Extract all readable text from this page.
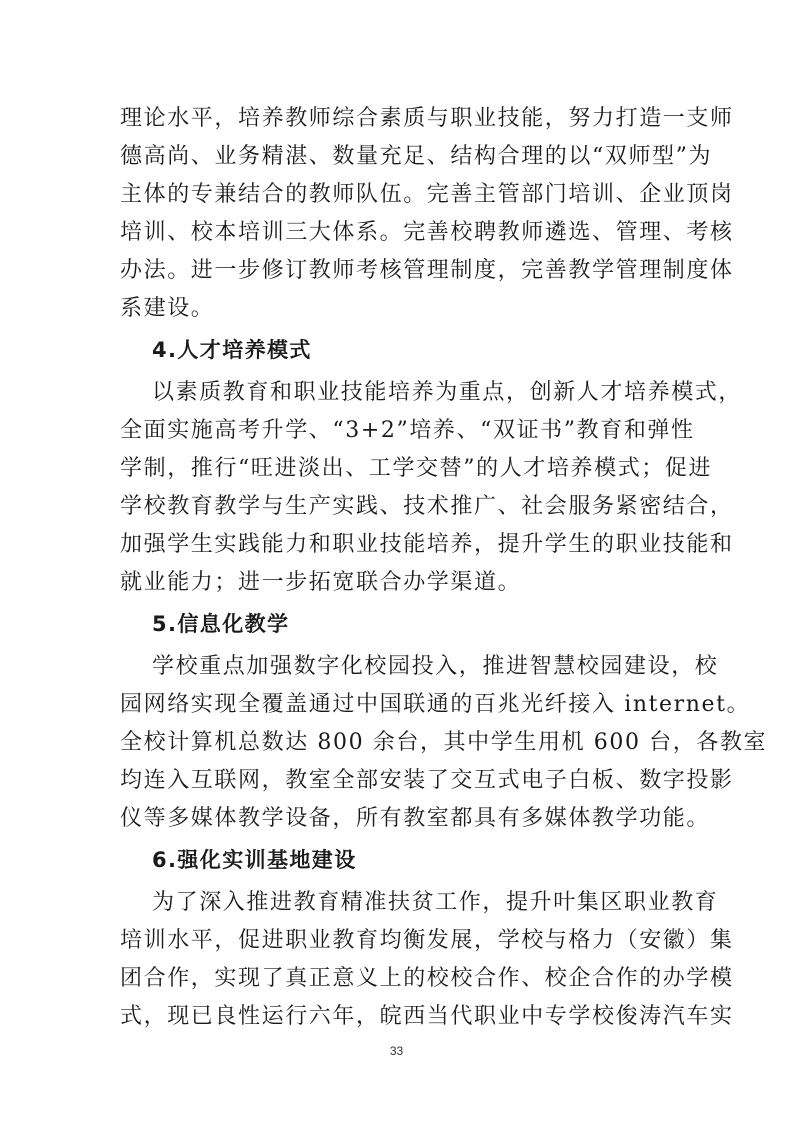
理论水平，培养教师综合素质与职业技能，努力打造一支师
德高尚、业务精湛、数量充足、结构合理的以“双师型”为
主体的专兼结合的教师队伍。完善主管部门培训、企业顶岗
培训、校本培训三大体系。完善校聘教师遴选、管理、考核
办法。进一步修订教师考核管理制度，完善教学管理制度体
系建设。
4.人才培养模式
以素质教育和职业技能培养为重点，创新人才培养模式，
全面实施高考升学、“3+2”培养、“双证书”教育和弹性
学制，推行“旺进淡出、工学交替”的人才培养模式；促进
学校教育教学与生产实践、技术推广、社会服务紧密结合，
加强学生实践能力和职业技能培养，提升学生的职业技能和
就业能力；进一步拓宽联合办学渠道。
5.信息化教学
学校重点加强数字化校园投入，推进智慧校园建设，校
园网络实现全覆盖通过中国联通的百兆光纤接入 internet。
全校计算机总数达 800 余台，其中学生用机 600 台，各教室
均连入互联网，教室全部安装了交互式电子白板、数字投影
仪等多媒体教学设备，所有教室都具有多媒体教学功能。
6.强化实训基地建设
为了深入推进教育精准扶贫工作，提升叶集区职业教育
培训水平，促进职业教育均衡发展，学校与格力（安徽）集
团合作，实现了真正意义上的校校合作、校企合作的办学模
式，现已良性运行六年，皖西当代职业中专学校俊涛汽车实
33
